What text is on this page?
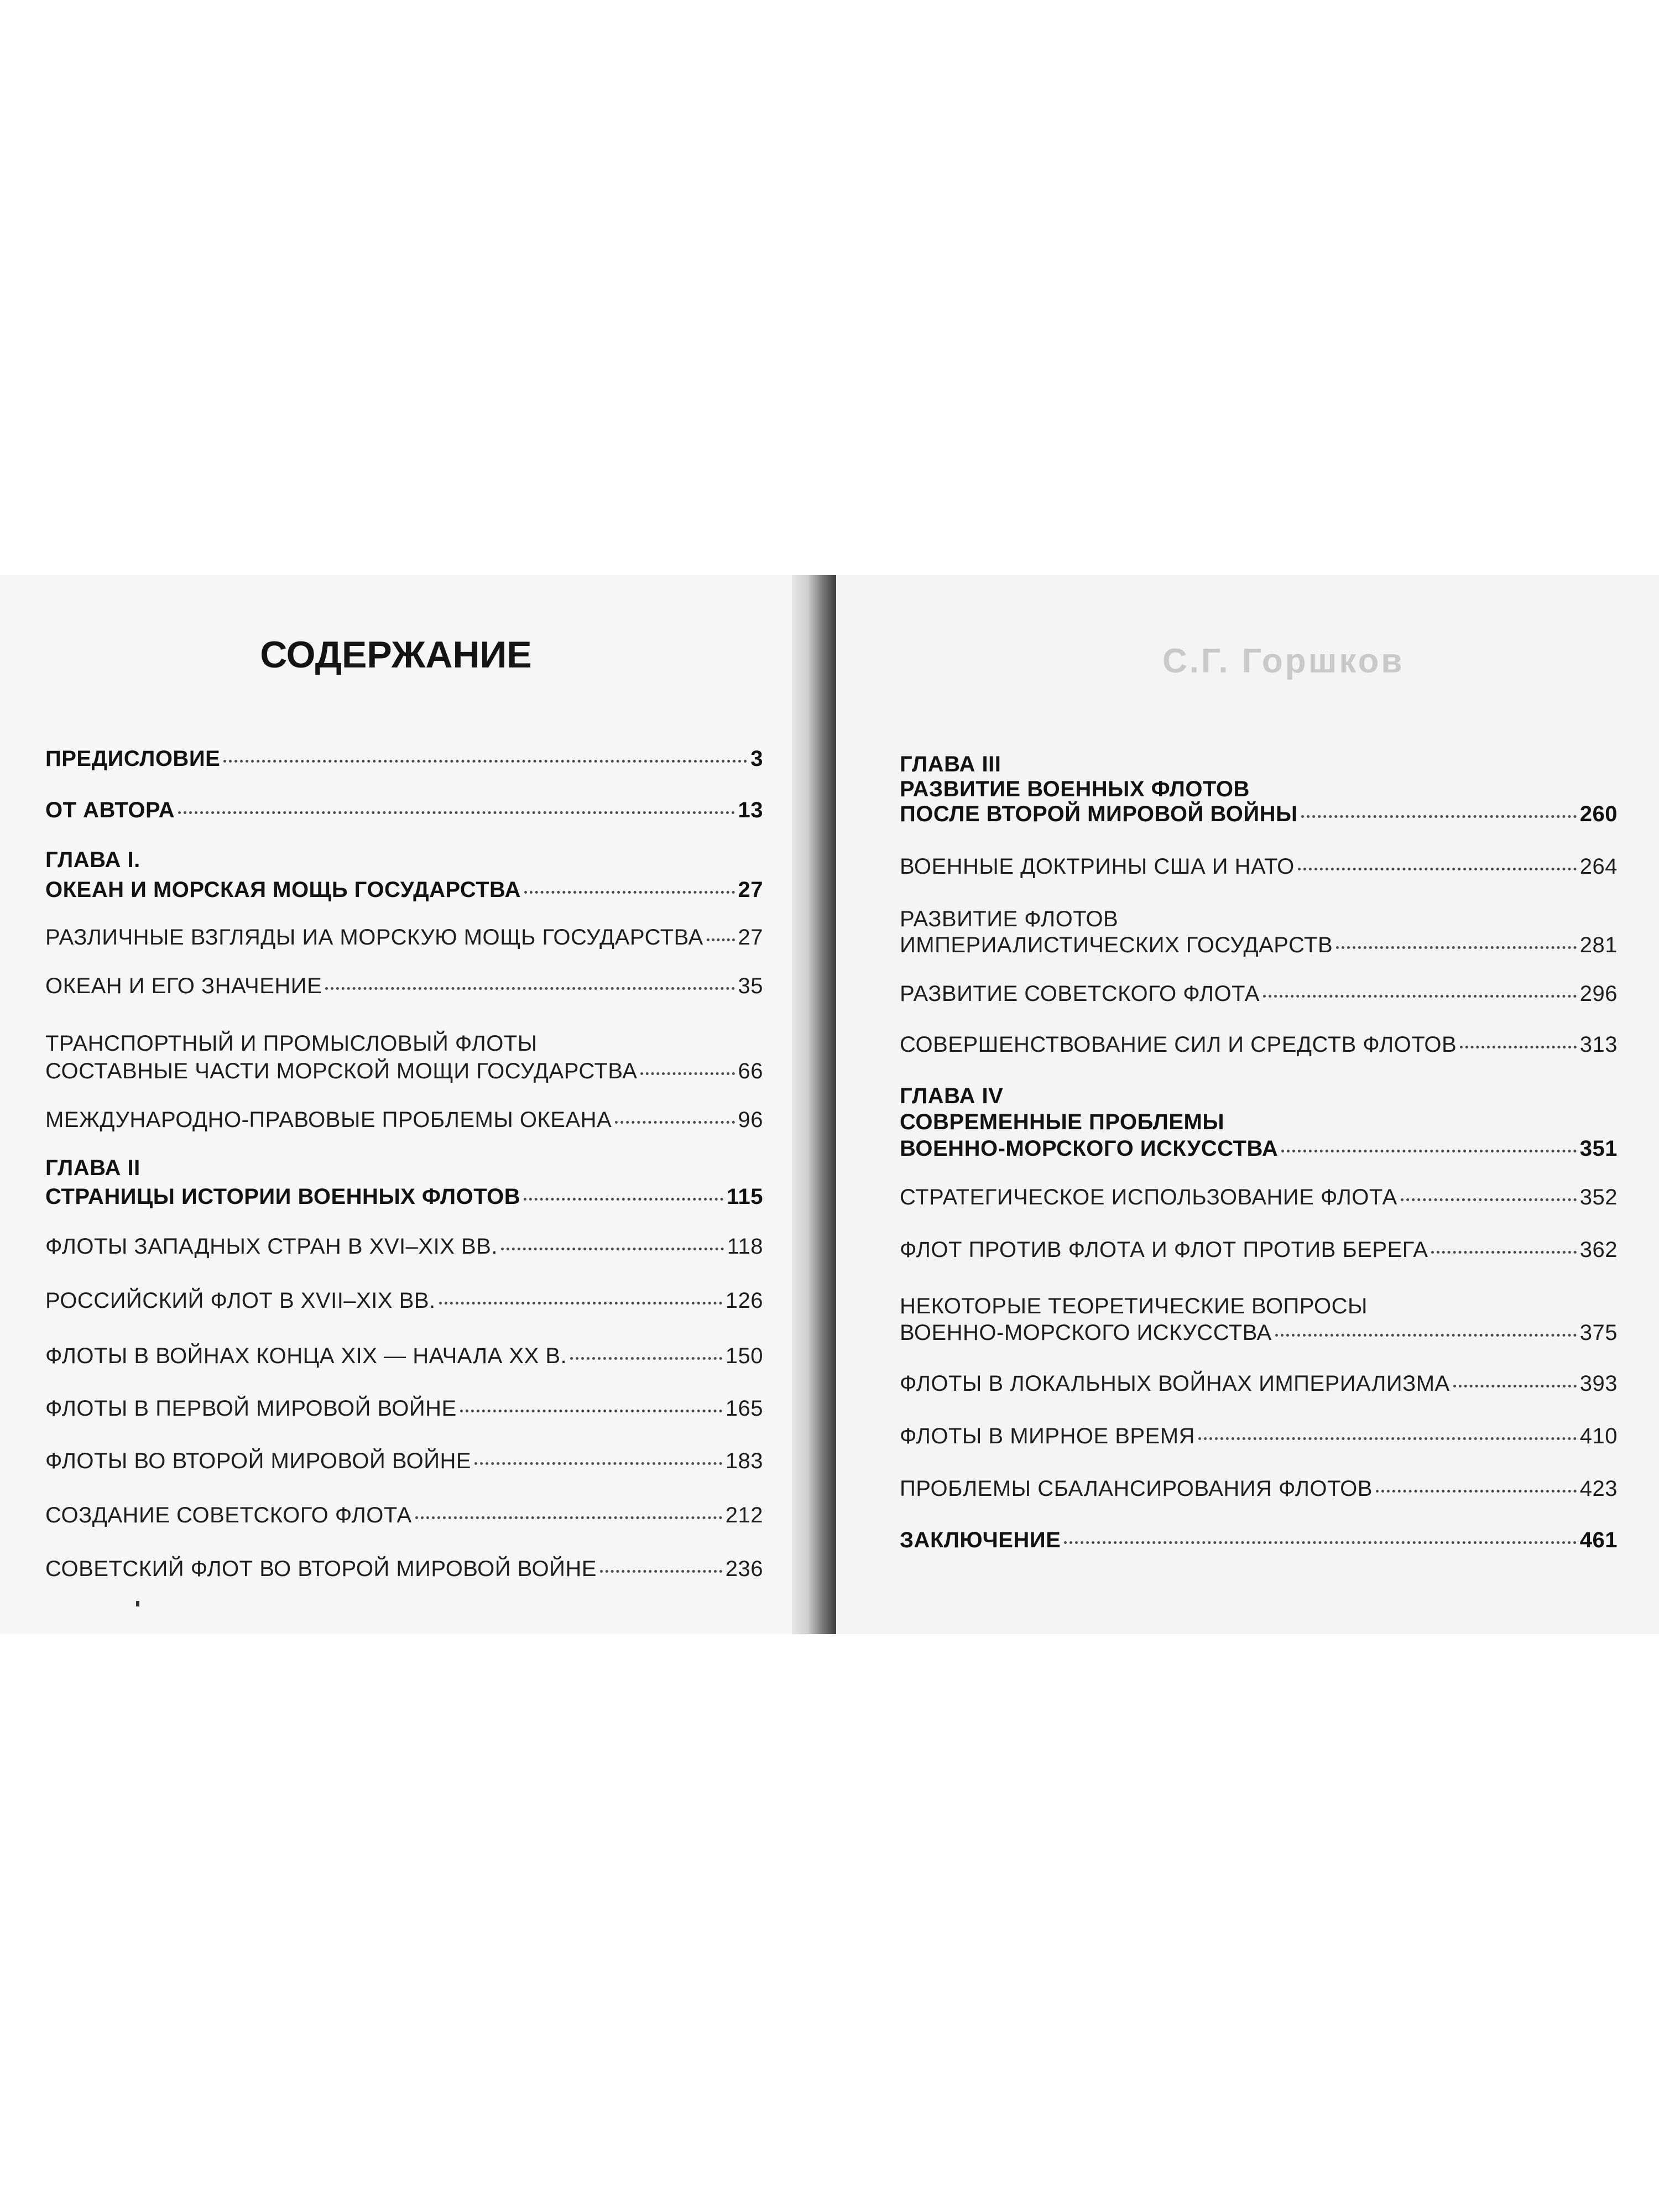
СОДЕРЖАНИЕ
ПРЕДИСЛОВИЕ	3
ОТ АВТОРА	13
ГЛАВА I.
ОКЕАН И МОРСКАЯ МОЩЬ ГОСУДАРСТВА	27
РАЗЛИЧНЫЕ ВЗГЛЯДЫ ИА МОРСКУЮ МОЩЬ ГОСУДАРСТВА 27
ОКЕАН И ЕГО ЗНАЧЕНИЕ	35
ТРАНСПОРТНЫЙ И ПРОМЫСЛОВЫЙ ФЛОТЫ
СОСТАВНЫЕ ЧАСТИ МОРСКОЙ МОЩИ ГОСУДАРСТВА	66
МЕЖДУНАРОДНО-ПРАВОВЫЕ ПРОБЛЕМЫ ОКЕАНА	96
ГЛАВА II
СТРАНИЦЫ ИСТОРИИ ВОЕННЫХ ФЛОТОВ	115
ФЛОТЫ ЗАПАДНЫХ СТРАН В XVI–XIX ВВ.	118
РОССИЙСКИЙ ФЛОТ В XVII–XIX ВВ.	126
ФЛОТЫ В ВОЙНАХ КОНЦА XIX — НАЧАЛА XX В.	150
ФЛОТЫ В ПЕРВОЙ МИРОВОЙ ВОЙНЕ	165
ФЛОТЫ ВО ВТОРОЙ МИРОВОЙ ВОЙНЕ	183
СОЗДАНИЕ СОВЕТСКОГО ФЛОТА	212
СОВЕТСКИЙ ФЛОТ ВО ВТОРОЙ МИРОВОЙ ВОЙНЕ	236
С.Г. Горшков
ГЛАВА III
РАЗВИТИЕ ВОЕННЫХ ФЛОТОВ
ПОСЛЕ ВТОРОЙ МИРОВОЙ ВОЙНЫ	260
ВОЕННЫЕ ДОКТРИНЫ США И НАТО	264
РАЗВИТИЕ ФЛОТОВ
ИМПЕРИАЛИСТИЧЕСКИХ ГОСУДАРСТВ	281
РАЗВИТИЕ СОВЕТСКОГО ФЛОТА	296
СОВЕРШЕНСТВОВАНИЕ СИЛ И СРЕДСТВ ФЛОТОВ	313
ГЛАВА IV
СОВРЕМЕННЫЕ ПРОБЛЕМЫ
ВОЕННО-МОРСКОГО ИСКУССТВА	351
СТРАТЕГИЧЕСКОЕ ИСПОЛЬЗОВАНИЕ ФЛОТА	352
ФЛОТ ПРОТИВ ФЛОТА И ФЛОТ ПРОТИВ БЕРЕГА	362
НЕКОТОРЫЕ ТЕОРЕТИЧЕСКИЕ ВОПРОСЫ
ВОЕННО-МОРСКОГО ИСКУССТВА	375
ФЛОТЫ В ЛОКАЛЬНЫХ ВОЙНАХ ИМПЕРИАЛИЗМА	393
ФЛОТЫ В МИРНОЕ ВРЕМЯ	410
ПРОБЛЕМЫ СБАЛАНСИРОВАНИЯ ФЛОТОВ	423
ЗАКЛЮЧЕНИЕ	461
